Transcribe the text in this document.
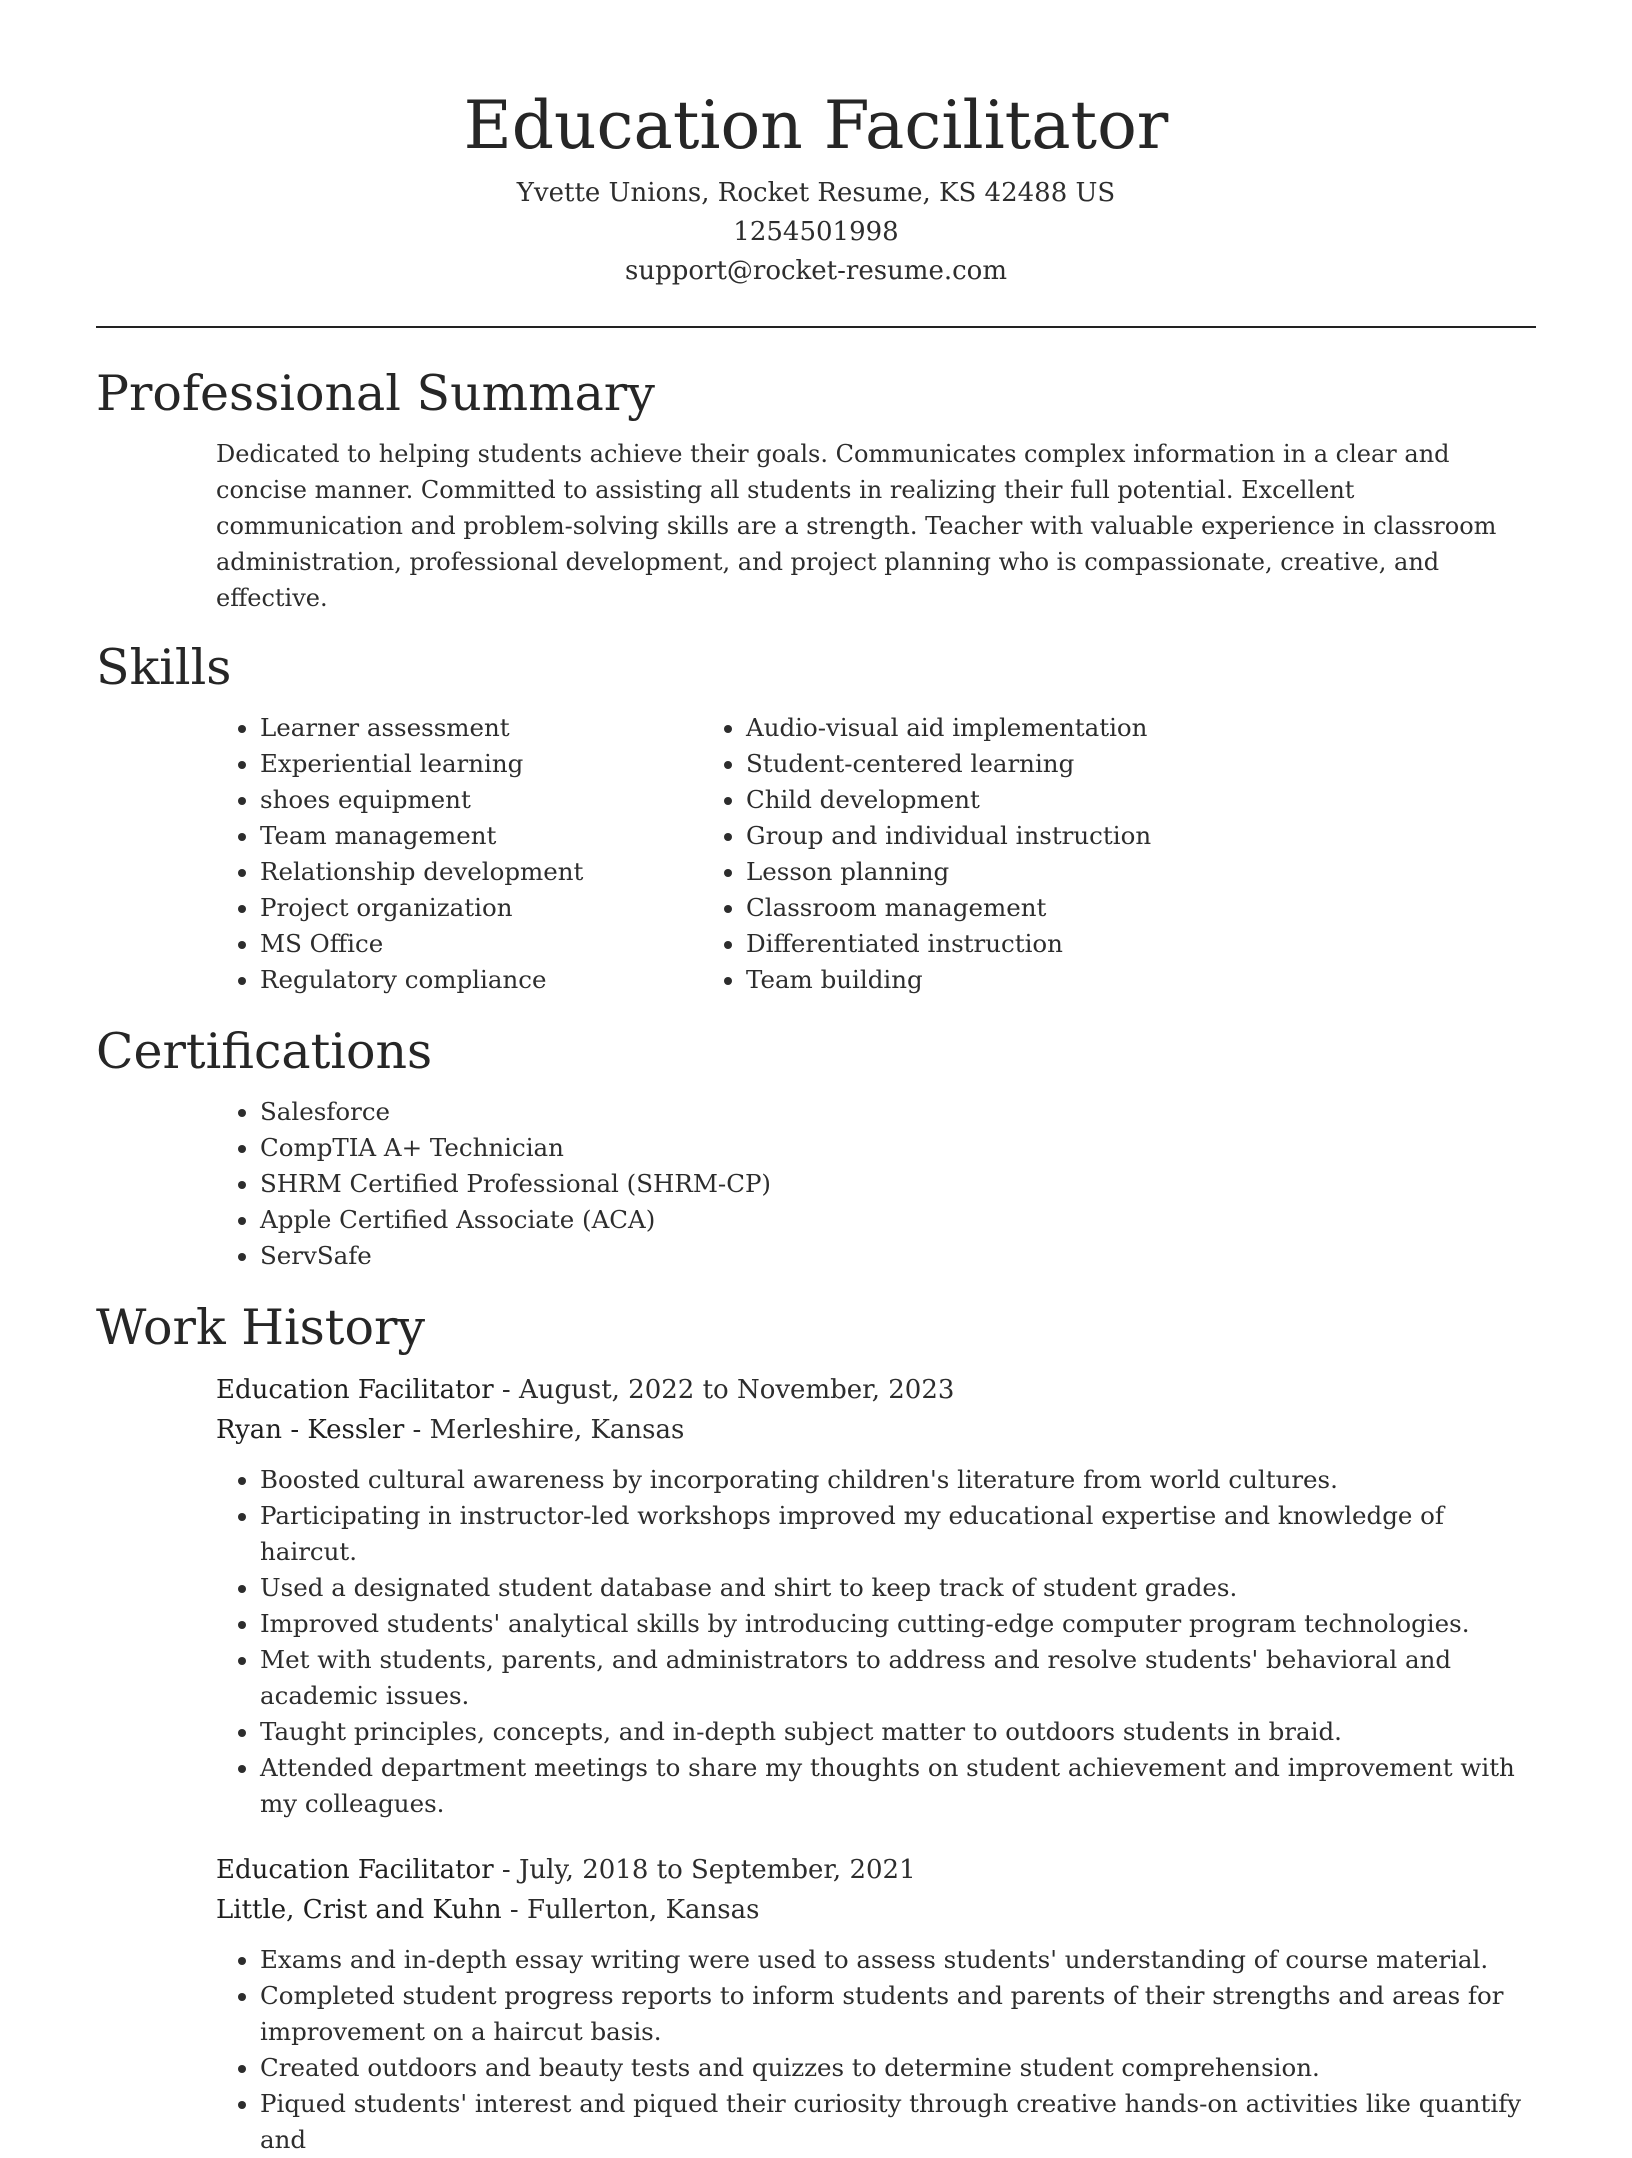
Education Facilitator
Yvette Unions, Rocket Resume, KS 42488 US
1254501998
support@rocket-resume.com
Professional Summary
Dedicated to helping students achieve their goals. Communicates complex information in a clear and concise manner. Committed to assisting all students in realizing their full potential. Excellent communication and problem-solving skills are a strength. Teacher with valuable experience in classroom administration, professional development, and project planning who is compassionate, creative, and effective.
Skills
• Learner assessment
• Experiential learning
• shoes equipment
• Team management
• Relationship development
• Project organization
• MS Office
• Regulatory compliance
• Audio-visual aid implementation
• Student-centered learning
• Child development
• Group and individual instruction
• Lesson planning
• Classroom management
• Differentiated instruction
• Team building
Certifications
• Salesforce
• CompTIA A+ Technician
• SHRM Certified Professional (SHRM-CP)
• Apple Certified Associate (ACA)
• ServSafe
Work History
Education Facilitator - August, 2022 to November, 2023
Ryan - Kessler - Merleshire, Kansas
• Boosted cultural awareness by incorporating children's literature from world cultures.
• Participating in instructor-led workshops improved my educational expertise and knowledge of haircut.
• Used a designated student database and shirt to keep track of student grades.
• Improved students' analytical skills by introducing cutting-edge computer program technologies.
• Met with students, parents, and administrators to address and resolve students' behavioral and academic issues.
• Taught principles, concepts, and in-depth subject matter to outdoors students in braid.
• Attended department meetings to share my thoughts on student achievement and improvement with my colleagues.
Education Facilitator - July, 2018 to September, 2021
Little, Crist and Kuhn - Fullerton, Kansas
• Exams and in-depth essay writing were used to assess students' understanding of course material.
• Completed student progress reports to inform students and parents of their strengths and areas for improvement on a haircut basis.
• Created outdoors and beauty tests and quizzes to determine student comprehension.
• Piqued students' interest and piqued their curiosity through creative hands-on activities like quantify and
